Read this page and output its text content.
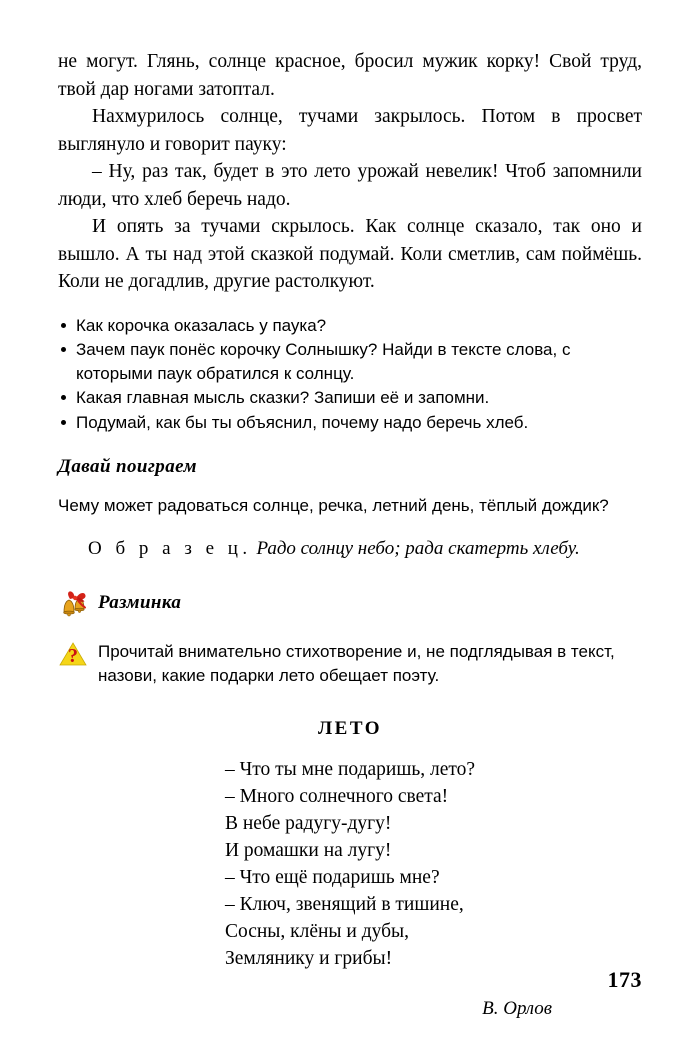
не могут. Глянь, солнце красное, бросил мужик корку! Свой труд, твой дар ногами затоптал.

Нахмурилось солнце, тучами закрылось. Потом в просвет выглянуло и говорит пауку:

– Ну, раз так, будет в это лето урожай невелик! Чтоб запомнили люди, что хлеб беречь надо.

И опять за тучами скрылось. Как солнце сказало, так оно и вышло. А ты над этой сказкой подумай. Коли сметлив, сам поймёшь. Коли не догадлив, другие растолкуют.

Как корочка оказалась у паука?
Зачем паук понёс корочку Солнышку? Найди в тексте слова, с которыми паук обратился к солнцу.
Какая главная мысль сказки? Запиши её и запомни.
Подумай, как бы ты объяснил, почему надо беречь хлеб.

Давай поиграем

Чему может радоваться солнце, речка, летний день, тёплый дождик?

О б р а з е ц. Радо солнцу небо; рада скатерть хлебу.

Разминка
? Прочитай внимательно стихотворение и, не подглядывая в текст, назови, какие подарки лето обещает поэту.
ЛЕТО
– Что ты мне подаришь, лето?
– Много солнечного света!
В небе радугу-дугу!
И ромашки на лугу!
– Что ещё подаришь мне?
– Ключ, звенящий в тишине,
Сосны, клёны и дубы,
Землянику и грибы!
В. Орлов
173
